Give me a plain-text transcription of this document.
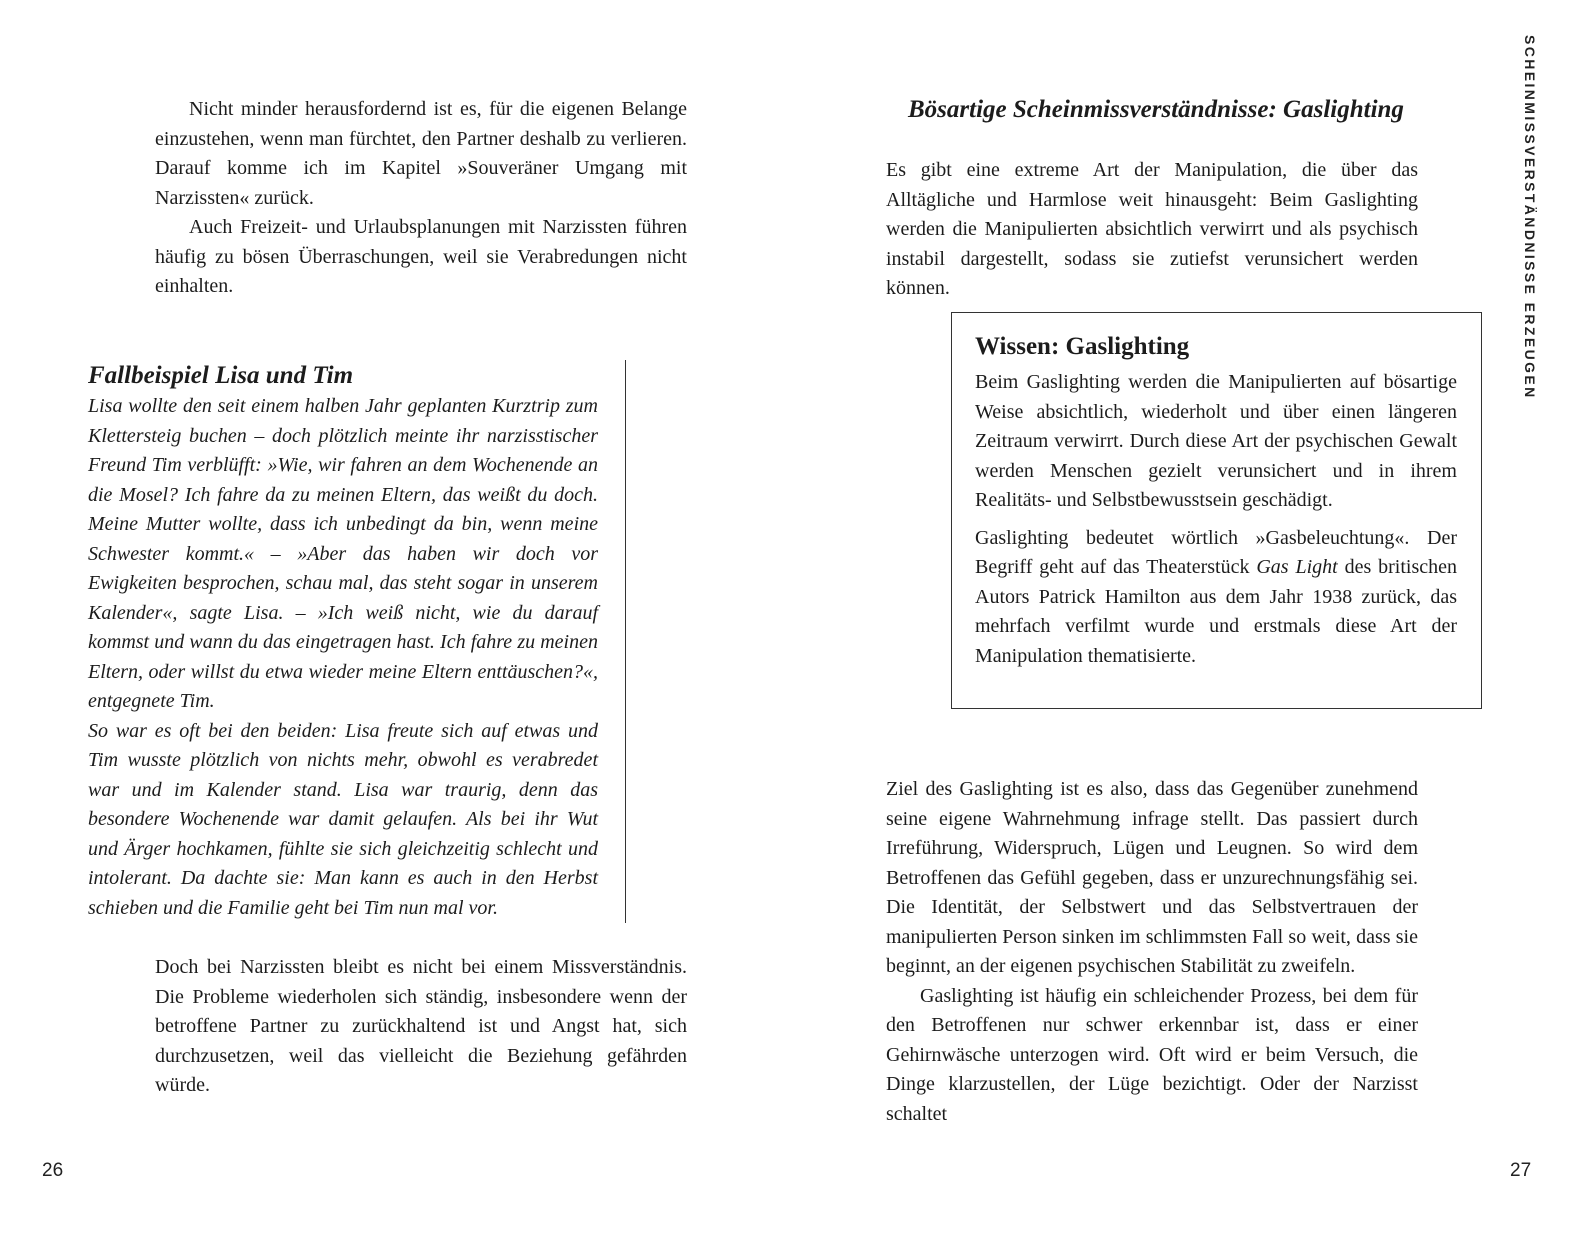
Nicht minder herausfordernd ist es, für die eigenen Belange einzustehen, wenn man fürchtet, den Partner deshalb zu verlieren. Darauf komme ich im Kapitel »Souveräner Umgang mit Narzissten« zurück.

Auch Freizeit- und Urlaubsplanungen mit Narzissten führen häufig zu bösen Überraschungen, weil sie Verabredungen nicht einhalten.

Fallbeispiel Lisa und Tim

Lisa wollte den seit einem halben Jahr geplanten Kurztrip zum Klettersteig buchen – doch plötzlich meinte ihr narzisstischer Freund Tim verblüfft: »Wie, wir fahren an dem Wochenende an die Mosel? Ich fahre da zu meinen Eltern, das weißt du doch. Meine Mutter wollte, dass ich unbedingt da bin, wenn meine Schwester kommt.« – »Aber das haben wir doch vor Ewigkeiten besprochen, schau mal, das steht sogar in unserem Kalender«, sagte Lisa. – »Ich weiß nicht, wie du darauf kommst und wann du das eingetragen hast. Ich fahre zu meinen Eltern, oder willst du etwa wieder meine Eltern enttäuschen?«, entgegnete Tim.

So war es oft bei den beiden: Lisa freute sich auf etwas und Tim wusste plötzlich von nichts mehr, obwohl es verabredet war und im Kalender stand. Lisa war traurig, denn das besondere Wochenende war damit gelaufen. Als bei ihr Wut und Ärger hochkamen, fühlte sie sich gleichzeitig schlecht und intolerant. Da dachte sie: Man kann es auch in den Herbst schieben und die Familie geht bei Tim nun mal vor.

Doch bei Narzissten bleibt es nicht bei einem Missverständnis. Die Probleme wiederholen sich ständig, insbesondere wenn der betroffene Partner zu zurückhaltend ist und Angst hat, sich durchzusetzen, weil das vielleicht die Beziehung gefährden würde.

26
Bösartige Scheinmissverständnisse: Gaslighting

Es gibt eine extreme Art der Manipulation, die über das Alltägliche und Harmlose weit hinausgeht: Beim Gaslighting werden die Manipulierten absichtlich verwirrt und als psychisch instabil dargestellt, sodass sie zutiefst verunsichert werden können.

Wissen: Gaslighting

Beim Gaslighting werden die Manipulierten auf bösartige Weise absichtlich, wiederholt und über einen längeren Zeitraum verwirrt. Durch diese Art der psychischen Gewalt werden Menschen gezielt verunsichert und in ihrem Realitäts- und Selbstbewusstsein geschädigt.

Gaslighting bedeutet wörtlich »Gasbeleuchtung«. Der Begriff geht auf das Theaterstück Gas Light des britischen Autors Patrick Hamilton aus dem Jahr 1938 zurück, das mehrfach verfilmt wurde und erstmals diese Art der Manipulation thematisierte.

Ziel des Gaslighting ist es also, dass das Gegenüber zunehmend seine eigene Wahrnehmung infrage stellt. Das passiert durch Irreführung, Widerspruch, Lügen und Leugnen. So wird dem Betroffenen das Gefühl gegeben, dass er unzurechnungsfähig sei. Die Identität, der Selbstwert und das Selbstvertrauen der manipulierten Person sinken im schlimmsten Fall so weit, dass sie beginnt, an der eigenen psychischen Stabilität zu zweifeln.

Gaslighting ist häufig ein schleichender Prozess, bei dem für den Betroffenen nur schwer erkennbar ist, dass er einer Gehirnwäsche unterzogen wird. Oft wird er beim Versuch, die Dinge klarzustellen, der Lüge bezichtigt. Oder der Narzisst schaltet

SCHEINMISSVERSTÄNDNISSE ERZEUGEN
27
